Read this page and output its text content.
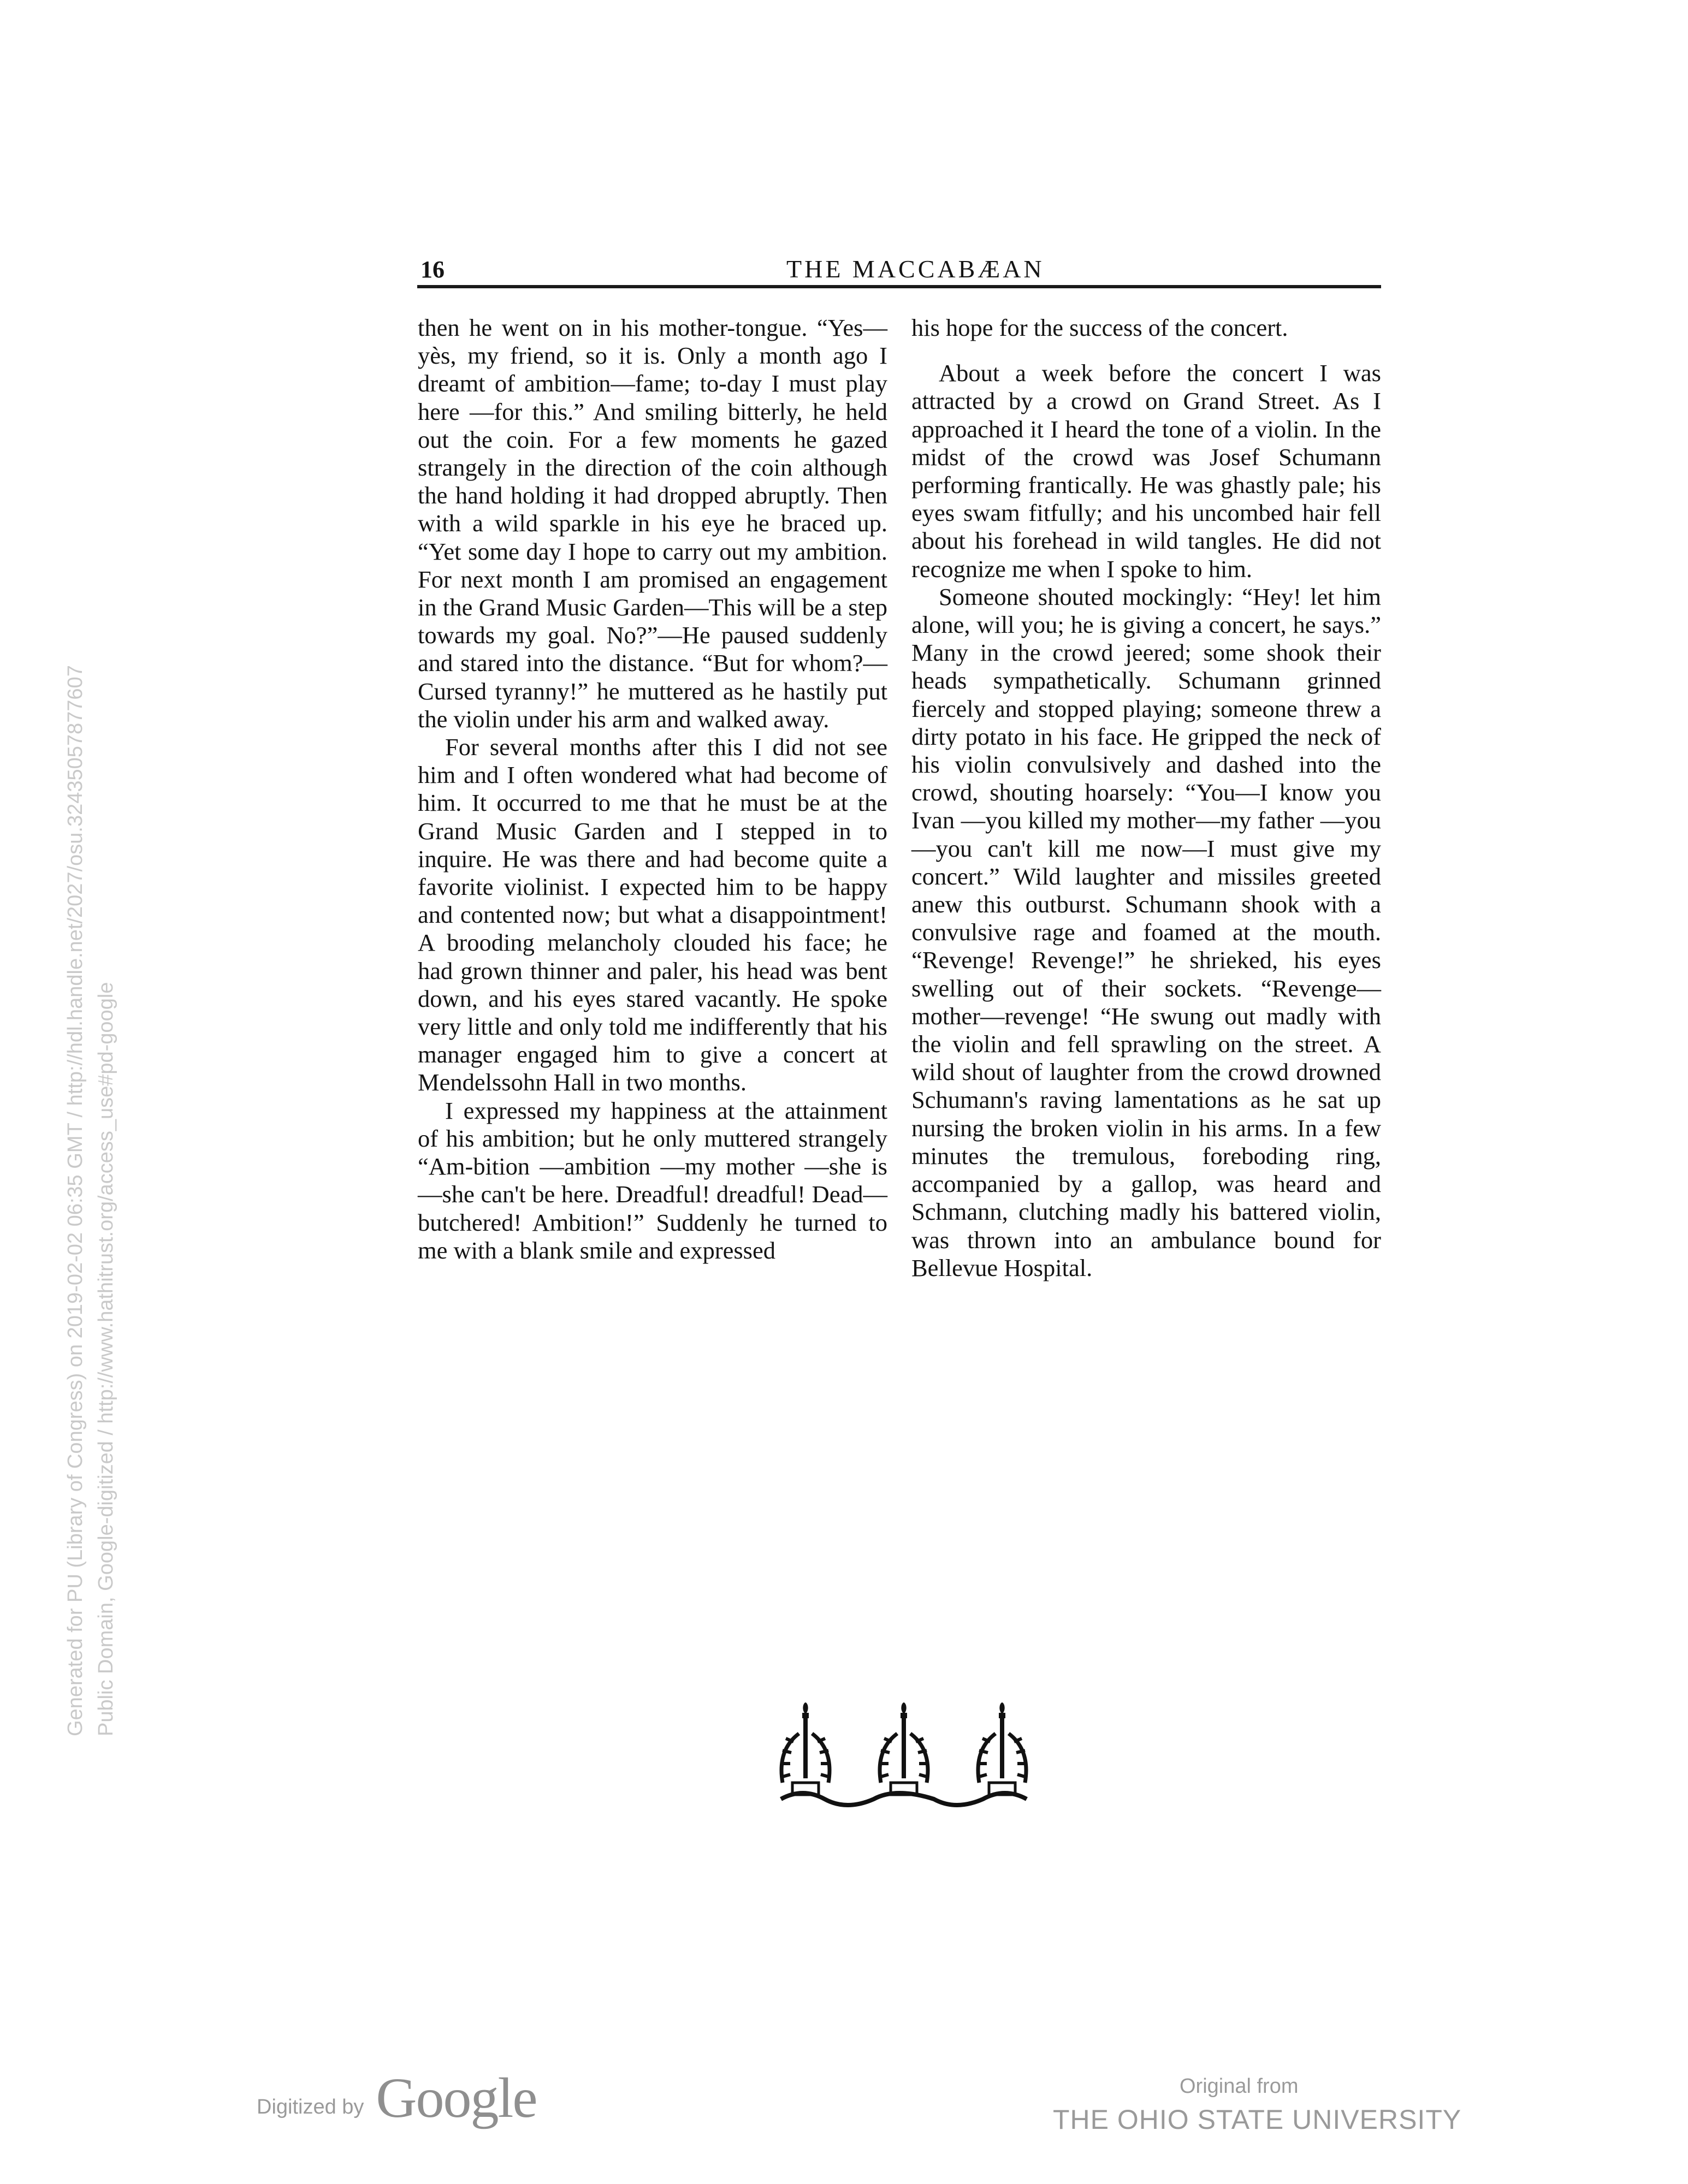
16	THE MACCABÆAN

then he went on in his mother-tongue. “Yes—yès, my friend, so it is. Only a month ago I dreamt of ambition—fame; to-day I must play here —for this.” And smiling bitterly, he held out the coin. For a few moments he gazed strangely in the direction of the coin although the hand holding it had dropped abruptly. Then with a wild sparkle in his eye he braced up. “Yet some day I hope to carry out my ambition. For next month I am promised an engagement in the Grand Music Garden—This will be a step towards my goal. No?”—He paused suddenly and stared into the distance. “But for whom?—Cursed tyranny!” he muttered as he hastily put the violin under his arm and walked away.

For several months after this I did not see him and I often wondered what had become of him. It occurred to me that he must be at the Grand Music Garden and I stepped in to inquire. He was there and had become quite a favorite violinist. I expected him to be happy and contented now; but what a disappointment! A brooding melancholy clouded his face; he had grown thinner and paler, his head was bent down, and his eyes stared vacantly. He spoke very little and only told me indifferently that his manager engaged him to give a concert at Mendelssohn Hall in two months.

I expressed my happiness at the attainment of his ambition; but he only muttered strangely “Am-bition —ambition —my mother —she is —she can't be here. Dreadful! dreadful! Dead—butchered! Ambition!” Suddenly he turned to me with a blank smile and expressed

his hope for the success of the concert.

About a week before the concert I was attracted by a crowd on Grand Street. As I approached it I heard the tone of a violin. In the midst of the crowd was Josef Schumann performing frantically. He was ghastly pale; his eyes swam fitfully; and his uncombed hair fell about his forehead in wild tangles. He did not recognize me when I spoke to him.

Someone shouted mockingly: “Hey! let him alone, will you; he is giving a concert, he says.” Many in the crowd jeered; some shook their heads sympathetically. Schumann grinned fiercely and stopped playing; someone threw a dirty potato in his face. He gripped the neck of his violin convulsively and dashed into the crowd, shouting hoarsely: “You—I know you Ivan —you killed my mother—my father —you—you can't kill me now—I must give my concert.” Wild laughter and missiles greeted anew this outburst. Schumann shook with a convulsive rage and foamed at the mouth. “Revenge! Revenge!” he shrieked, his eyes swelling out of their sockets. “Revenge—mother—revenge! “He swung out madly with the violin and fell sprawling on the street. A wild shout of laughter from the crowd drowned Schumann's raving lamentations as he sat up nursing the broken violin in his arms. In a few minutes the tremulous, foreboding ring, accompanied by a gallop, was heard and Schmann, clutching madly his battered violin, was thrown into an ambulance bound for Bellevue Hospital.

Generated for PU (Library of Congress) on 2019-02-02 06:35 GMT / http://hdl.handle.net/2027/osu.32435057877607 Public Domain, Google-digitized / http://www.hathitrust.org/access_use#pd-google
Digitized by Google	Original from
THE OHIO STATE UNIVERSITY
